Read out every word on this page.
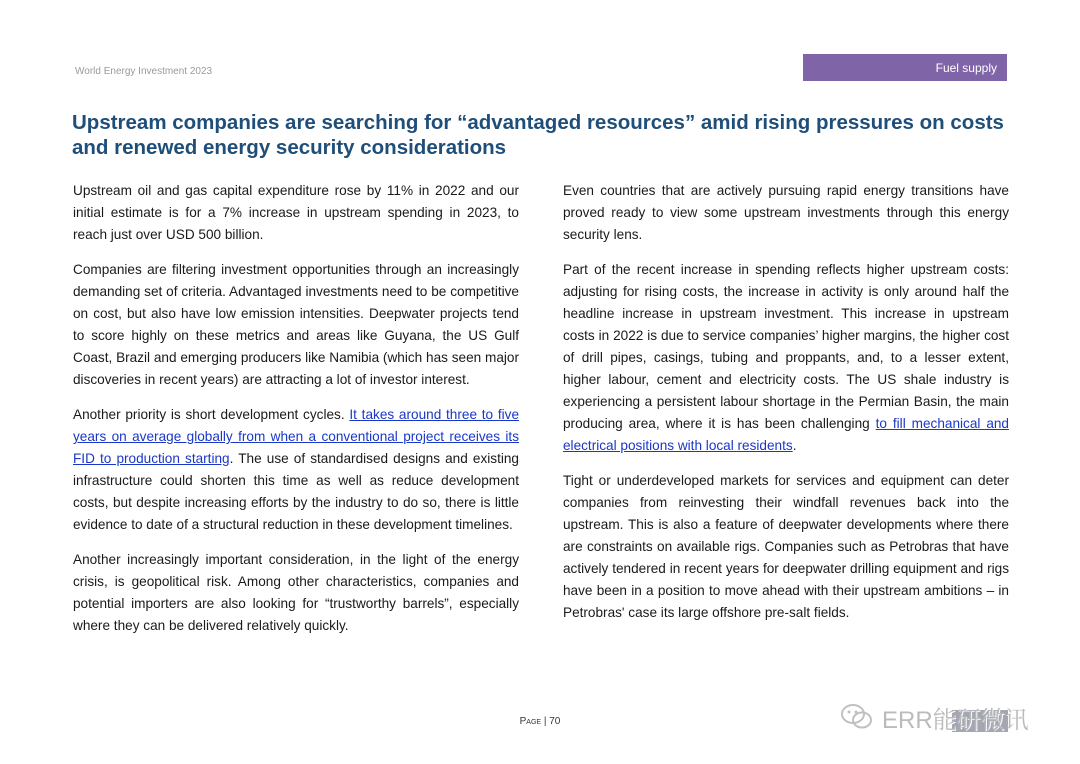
World Energy Investment 2023	Fuel supply
Upstream companies are searching for “advantaged resources” amid rising pressures on costs and renewed energy security considerations

Upstream oil and gas capital expenditure rose by 11% in 2022 and our initial estimate is for a 7% increase in upstream spending in 2023, to reach just over USD 500 billion.

Companies are filtering investment opportunities through an increasingly demanding set of criteria. Advantaged investments need to be competitive on cost, but also have low emission intensities. Deepwater projects tend to score highly on these metrics and areas like Guyana, the US Gulf Coast, Brazil and emerging producers like Namibia (which has seen major discoveries in recent years) are attracting a lot of investor interest.

Another priority is short development cycles. It takes around three to five years on average globally from when a conventional project receives its FID to production starting. The use of standardised designs and existing infrastructure could shorten this time as well as reduce development costs, but despite increasing efforts by the industry to do so, there is little evidence to date of a structural reduction in these development timelines.

Another increasingly important consideration, in the light of the energy crisis, is geopolitical risk. Among other characteristics, companies and potential importers are also looking for “trustworthy barrels”, especially where they can be delivered relatively quickly.

Even countries that are actively pursuing rapid energy transitions have proved ready to view some upstream investments through this energy security lens.

Part of the recent increase in spending reflects higher upstream costs: adjusting for rising costs, the increase in activity is only around half the headline increase in upstream investment. This increase in upstream costs in 2022 is due to service companies’ higher margins, the higher cost of drill pipes, casings, tubing and proppants, and, to a lesser extent, higher labour, cement and electricity costs. The US shale industry is experiencing a persistent labour shortage in the Permian Basin, the main producing area, where it is has been challenging to fill mechanical and electrical positions with local residents.

Tight or underdeveloped markets for services and equipment can deter companies from reinvesting their windfall revenues back into the upstream. This is also a feature of deepwater developments where there are constraints on available rigs. Companies such as Petrobras that have actively tendered in recent years for deepwater drilling equipment and rigs have been in a position to move ahead with their upstream ambitions – in Petrobras' case its large offshore pre-salt fields.

Page | 70	ERR能研微讯
